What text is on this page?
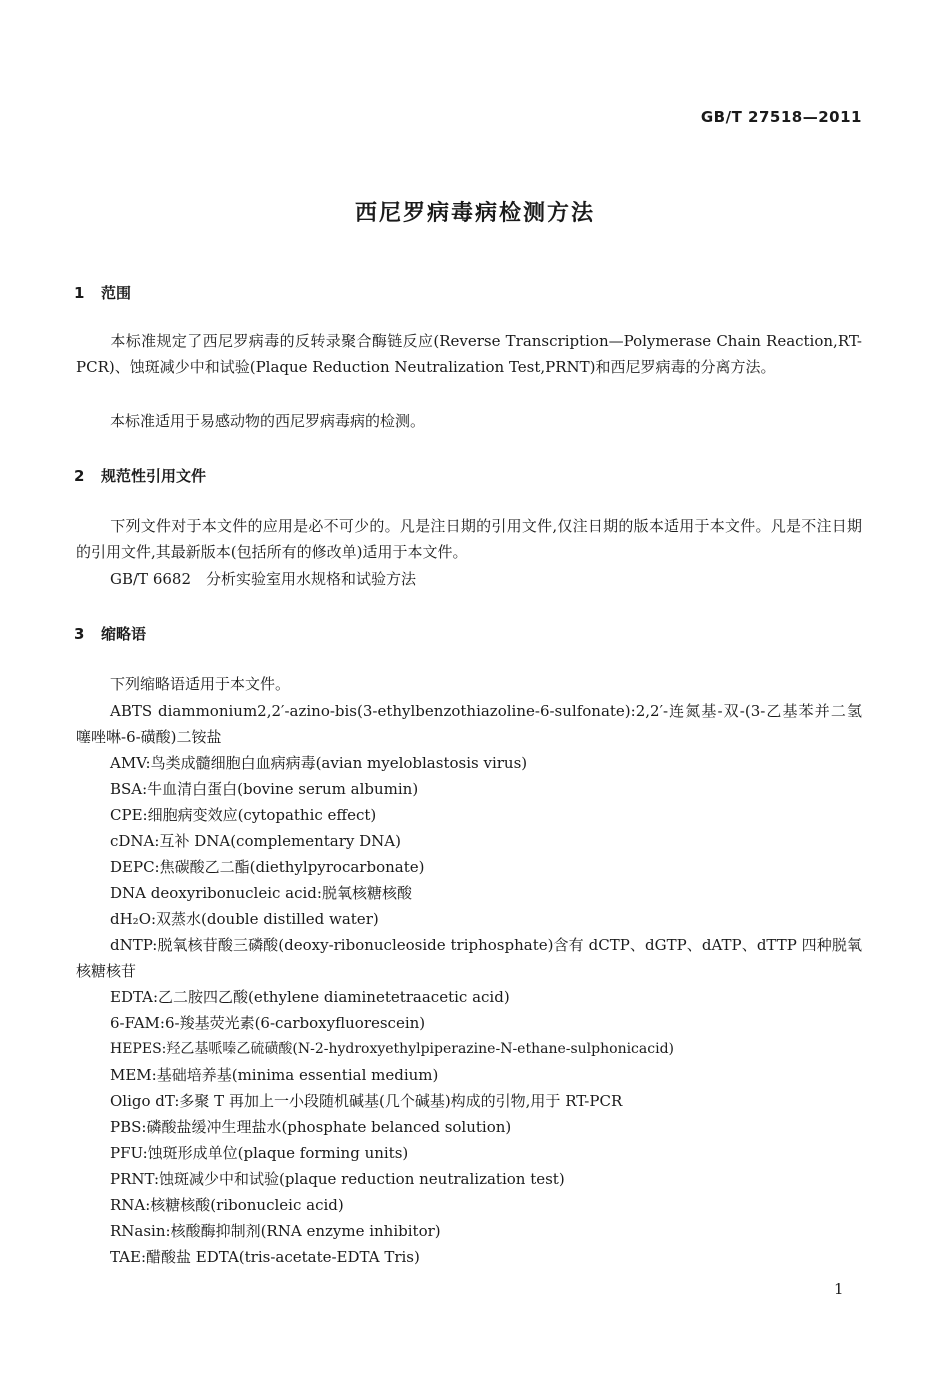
GB/T 27518—2011
西尼罗病毒病检测方法
1 范围
本标准规定了西尼罗病毒的反转录聚合酶链反应(Reverse Transcription—Polymerase Chain Reaction,RT-PCR)、蚀斑减少中和试验(Plaque Reduction Neutralization Test,PRNT)和西尼罗病毒的分离方法。
本标准适用于易感动物的西尼罗病毒病的检测。
2 规范性引用文件
下列文件对于本文件的应用是必不可少的。凡是注日期的引用文件,仅注日期的版本适用于本文件。凡是不注日期的引用文件,其最新版本(包括所有的修改单)适用于本文件。
GB/T 6682　分析实验室用水规格和试验方法
3 缩略语
下列缩略语适用于本文件。
ABTS diammonium2,2′-azino-bis(3-ethylbenzothiazoline-6-sulfonate):2,2′-连氮基-双-(3-乙基苯并二氢噻唑啉-6-磺酸)二铵盐
AMV:鸟类成髓细胞白血病病毒(avian myeloblastosis virus)
BSA:牛血清白蛋白(bovine serum albumin)
CPE:细胞病变效应(cytopathic effect)
cDNA:互补 DNA(complementary DNA)
DEPC:焦碳酸乙二酯(diethylpyrocarbonate)
DNA deoxyribonucleic acid:脱氧核糖核酸
dH₂O:双蒸水(double distilled water)
dNTP:脱氧核苷酸三磷酸(deoxy-ribonucleoside triphosphate)含有 dCTP、dGTP、dATP、dTTP 四种脱氧核糖核苷
EDTA:乙二胺四乙酸(ethylene diaminetetraacetic acid)
6-FAM:6-羧基荧光素(6-carboxyfluorescein)
HEPES:羟乙基哌嗪乙硫磺酸(N-2-hydroxyethylpiperazine-N-ethane-sulphonicacid)
MEM:基础培养基(minima essential medium)
Oligo dT:多聚 T 再加上一小段随机碱基(几个碱基)构成的引物,用于 RT-PCR
PBS:磷酸盐缓冲生理盐水(phosphate belanced solution)
PFU:蚀斑形成单位(plaque forming units)
PRNT:蚀斑减少中和试验(plaque reduction neutralization test)
RNA:核糖核酸(ribonucleic acid)
RNasin:核酸酶抑制剂(RNA enzyme inhibitor)
TAE:醋酸盐 EDTA(tris-acetate-EDTA Tris)
1
